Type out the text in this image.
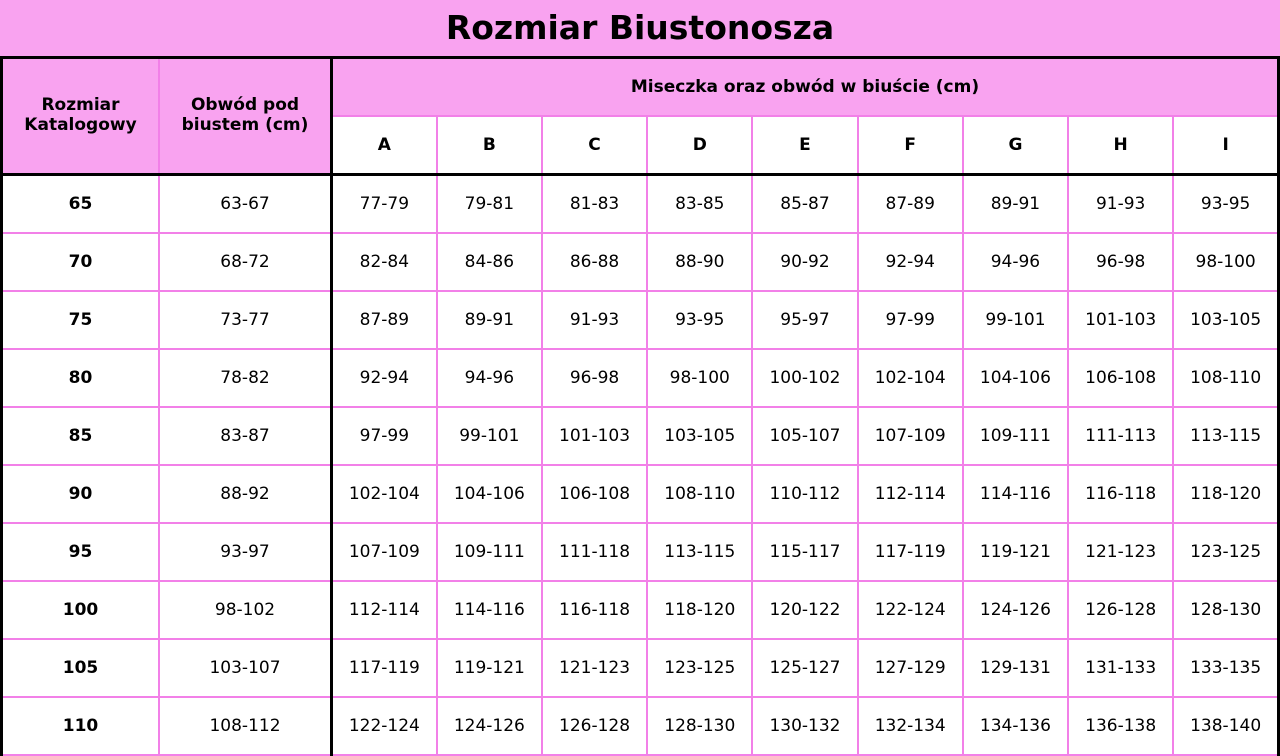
Rozmiar Biustonosza
Rozmiar
Katalogowy

Obwód pod
biustem (cm)
	Miseczka oraz obwód w biuście (cm)
		A	B	C	D	E	F	G	H	I
65	63-67	77-79	79-81	81-83	83-85	85-87	87-89	89-91	91-93	93-95
70	68-72	82-84	84-86	86-88	88-90	90-92	92-94	94-96	96-98	98-100
75	73-77	87-89	89-91	91-93	93-95	95-97	97-99	99-101	101-103	103-105
80	78-82	92-94	94-96	96-98	98-100	100-102	102-104	104-106	106-108	108-110
85	83-87	97-99	99-101	101-103	103-105	105-107	107-109	109-111	111-113	113-115
90	88-92	102-104	104-106	106-108	108-110	110-112	112-114	114-116	116-118	118-120
95	93-97	107-109	109-111	111-118	113-115	115-117	117-119	119-121	121-123	123-125
100	98-102	112-114	114-116	116-118	118-120	120-122	122-124	124-126	126-128	128-130
105	103-107	117-119	119-121	121-123	123-125	125-127	127-129	129-131	131-133	133-135
110	108-112	122-124	124-126	126-128	128-130	130-132	132-134	134-136	136-138	138-140
